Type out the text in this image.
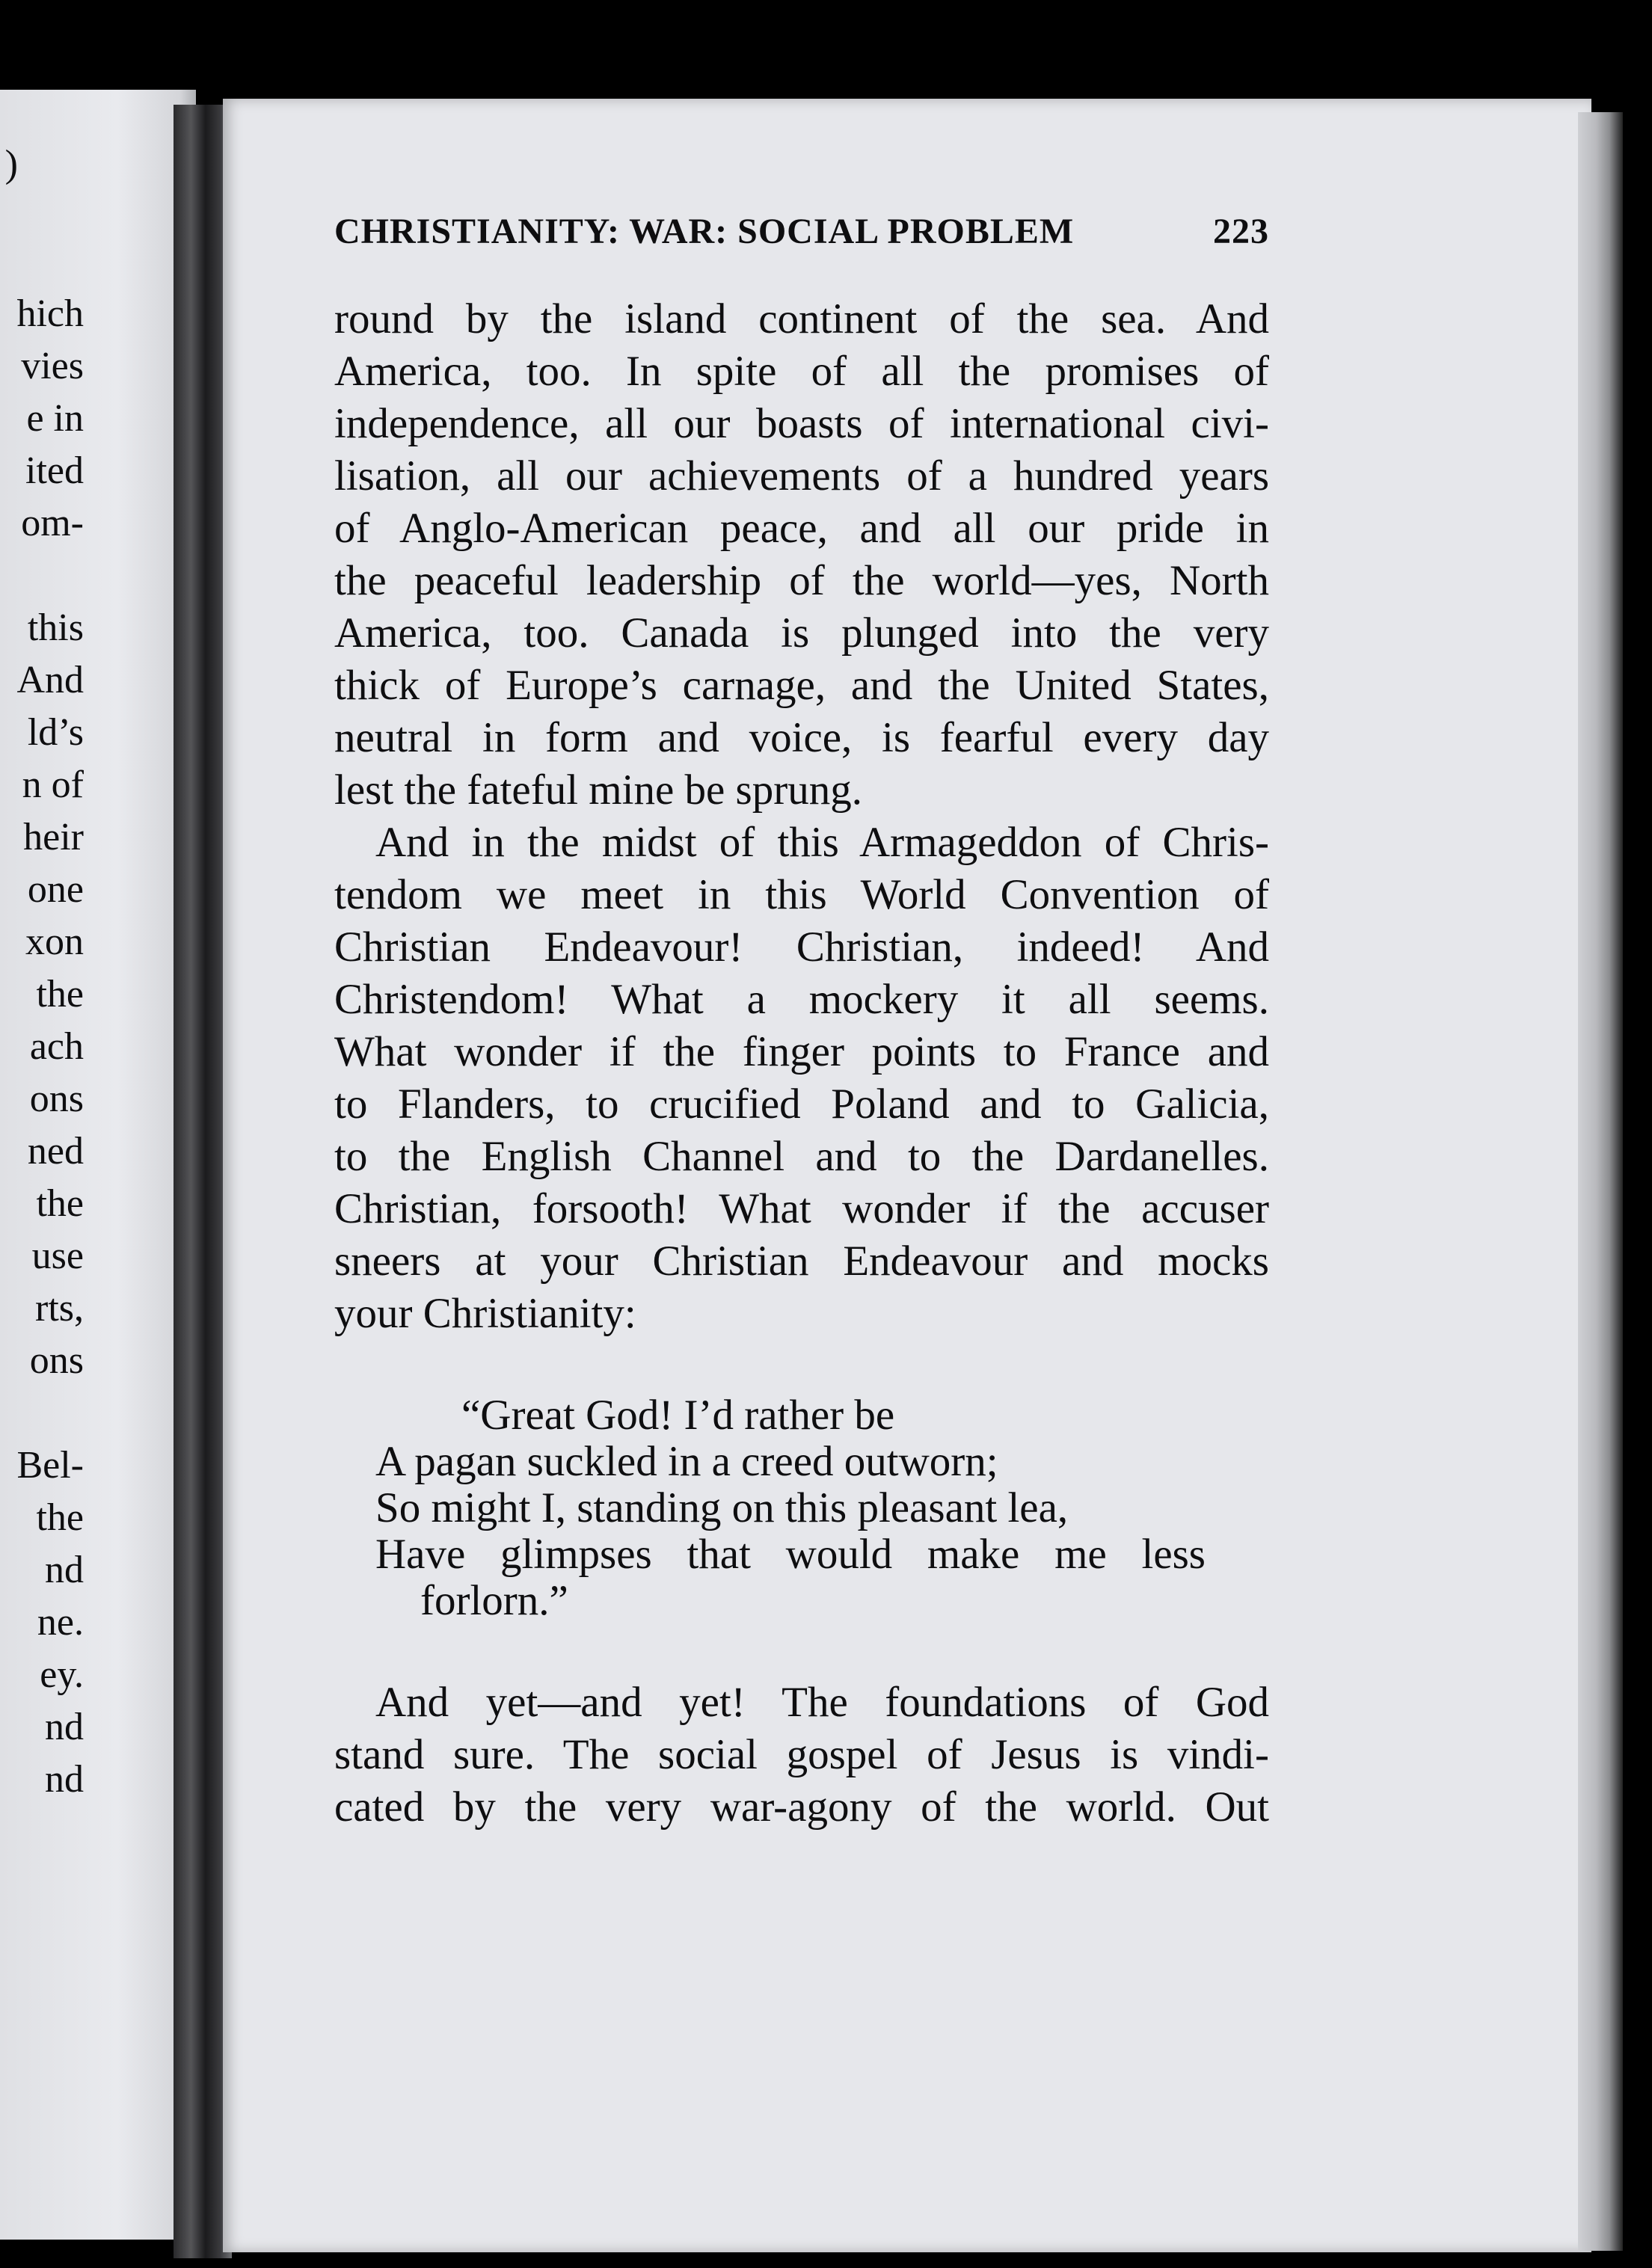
)
hich
vies
e in
ited
om-
this
And
ld’s
n of
heir
one
xon
the
ach
ons
ned
the
use
rts,
ons
Bel-
the
nd
ne.
ey.
nd
nd
CHRISTIANITY: WAR: SOCIAL PROBLEM	223
round by the island continent of the sea. And
America, too. In spite of all the promises of
independence, all our boasts of international civi-
lisation, all our achievements of a hundred years
of Anglo-American peace, and all our pride in
the peaceful leadership of the world—yes, North
America, too. Canada is plunged into the very
thick of Europe’s carnage, and the United States,
neutral in form and voice, is fearful every day
lest the fateful mine be sprung.
And in the midst of this Armageddon of Chris-
tendom we meet in this World Convention of
Christian Endeavour! Christian, indeed! And
Christendom! What a mockery it all seems.
What wonder if the finger points to France and
to Flanders, to crucified Poland and to Galicia,
to the English Channel and to the Dardanelles.
Christian, forsooth! What wonder if the accuser
sneers at your Christian Endeavour and mocks
your Christianity:
“Great God! I’d rather be
A pagan suckled in a creed outworn;
So might I, standing on this pleasant lea,
Have glimpses that would make me less
forlorn.”
And yet—and yet! The foundations of God
stand sure. The social gospel of Jesus is vindi-
cated by the very war-agony of the world. Out
